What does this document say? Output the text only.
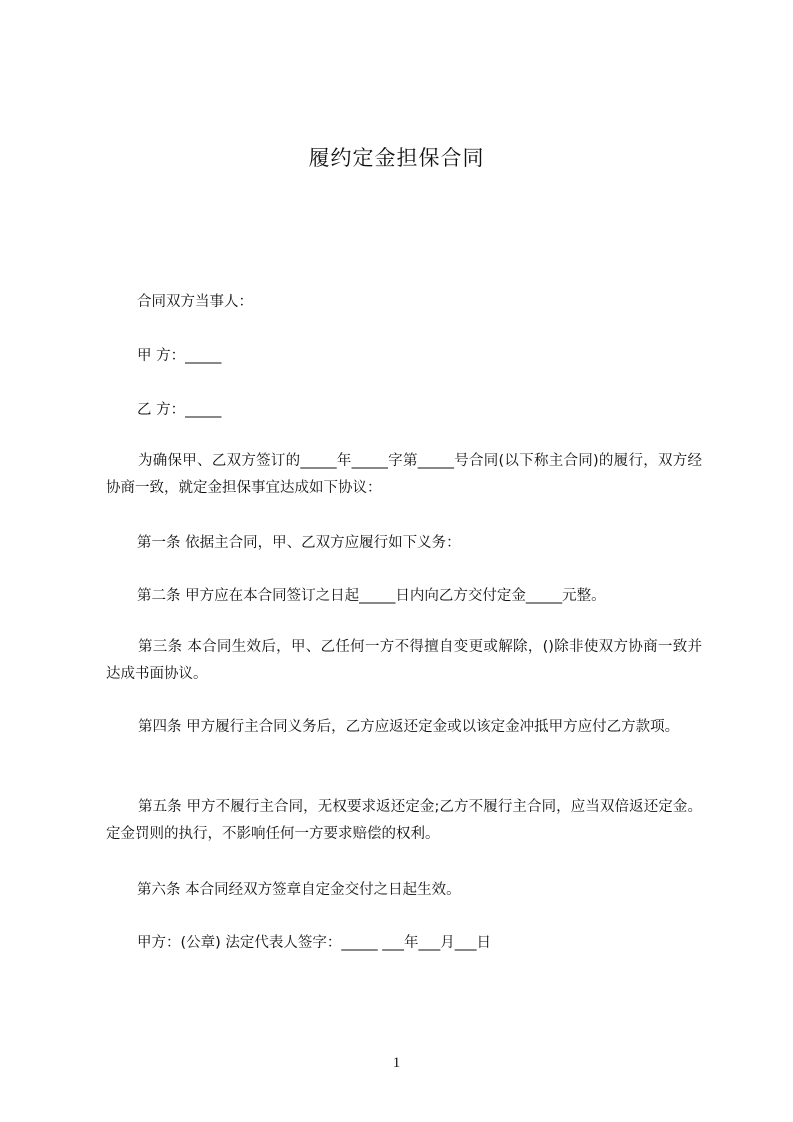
履约定金担保合同
合同双方当事人：
甲 方：_____
乙 方：_____
为确保甲、乙双方签订的_____年_____字第_____号合同(以下称主合同)的履行，双方经协商一致，就定金担保事宜达成如下协议：
第一条 依据主合同，甲、乙双方应履行如下义务：
第二条 甲方应在本合同签订之日起_____日内向乙方交付定金_____元整。
第三条 本合同生效后，甲、乙任何一方不得擅自变更或解除，()除非使双方协商一致并达成书面协议。
第四条 甲方履行主合同义务后，乙方应返还定金或以该定金冲抵甲方应付乙方款项。
第五条 甲方不履行主合同，无权要求返还定金;乙方不履行主合同，应当双倍返还定金。定金罚则的执行，不影响任何一方要求赔偿的权利。
第六条 本合同经双方签章自定金交付之日起生效。
甲方：(公章) 法定代表人签字：_____ ___年___月___日
1
